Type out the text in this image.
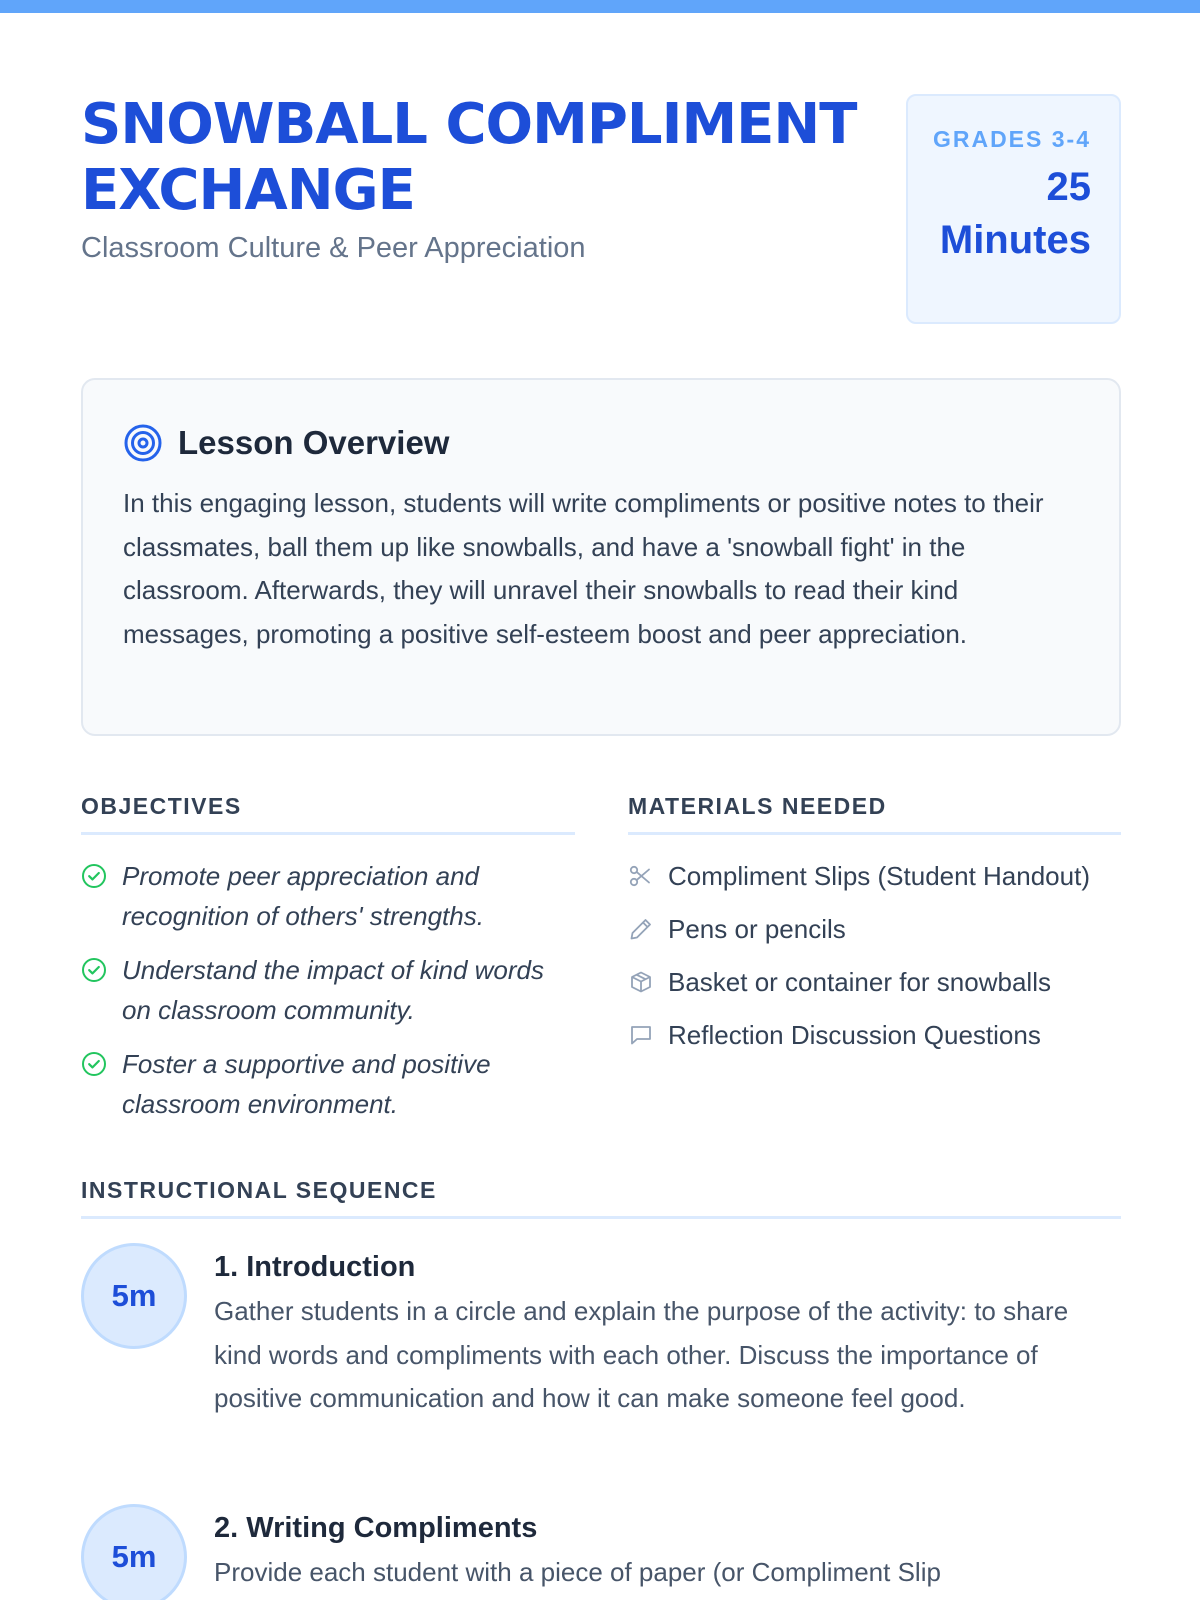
SNOWBALL COMPLIMENT EXCHANGE
Classroom Culture & Peer Appreciation
GRADES 3-4
25 Minutes
Lesson Overview

In this engaging lesson, students will write compliments or positive notes to their classmates, ball them up like snowballs, and have a 'snowball fight' in the classroom. Afterwards, they will unravel their snowballs to read their kind messages, promoting a positive self-esteem boost and peer appreciation.

OBJECTIVES
Promote peer appreciation and recognition of others' strengths.
Understand the impact of kind words on classroom community.
Foster a supportive and positive classroom environment.
MATERIALS NEEDED
Compliment Slips (Student Handout)
Pens or pencils
Basket or container for snowballs
Reflection Discussion Questions
INSTRUCTIONAL SEQUENCE
5m
1. Introduction

Gather students in a circle and explain the purpose of the activity: to share kind words and compliments with each other. Discuss the importance of positive communication and how it can make someone feel good.

5m
2. Writing Compliments

Provide each student with a piece of paper (or Compliment Slip
